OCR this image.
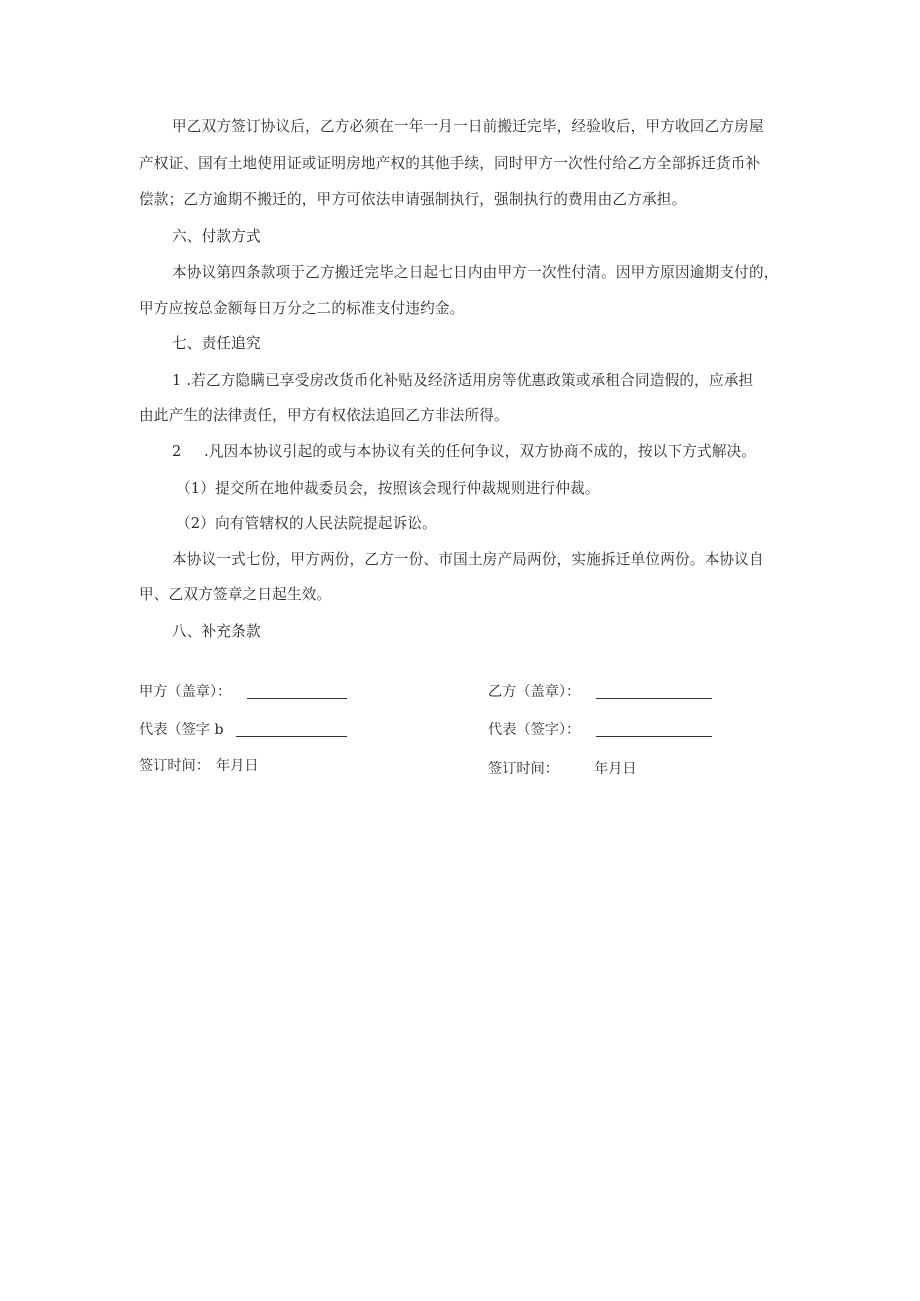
甲乙双方签订协议后，乙方必须在一年一月一日前搬迁完毕，经验收后，甲方收回乙方房屋
产权证、国有土地使用证或证明房地产权的其他手续，同时甲方一次性付给乙方全部拆迁货币补
偿款；乙方逾期不搬迁的，甲方可依法申请强制执行，强制执行的费用由乙方承担。
六、付款方式
本协议第四条款项于乙方搬迁完毕之日起七日内由甲方一次性付清。因甲方原因逾期支付的，
甲方应按总金额每日万分之二的标准支付违约金。
七、责任追究
1 .若乙方隐瞒已享受房改货币化补贴及经济适用房等优惠政策或承租合同造假的，应承担
由此产生的法律责任，甲方有权依法追回乙方非法所得。
2 .凡因本协议引起的或与本协议有关的任何争议，双方协商不成的，按以下方式解决。
（1）提交所在地仲裁委员会，按照该会现行仲裁规则进行仲裁。
（2）向有管辖权的人民法院提起诉讼。
本协议一式七份，甲方两份，乙方一份、市国土房产局两份，实施拆迁单位两份。本协议自
甲、乙双方签章之日起生效。
八、补充条款
甲方（盖章）：	乙方（盖章）：
代表（签字 b	代表（签字）：
签订时间： 年月日	签订时间： 年月日
